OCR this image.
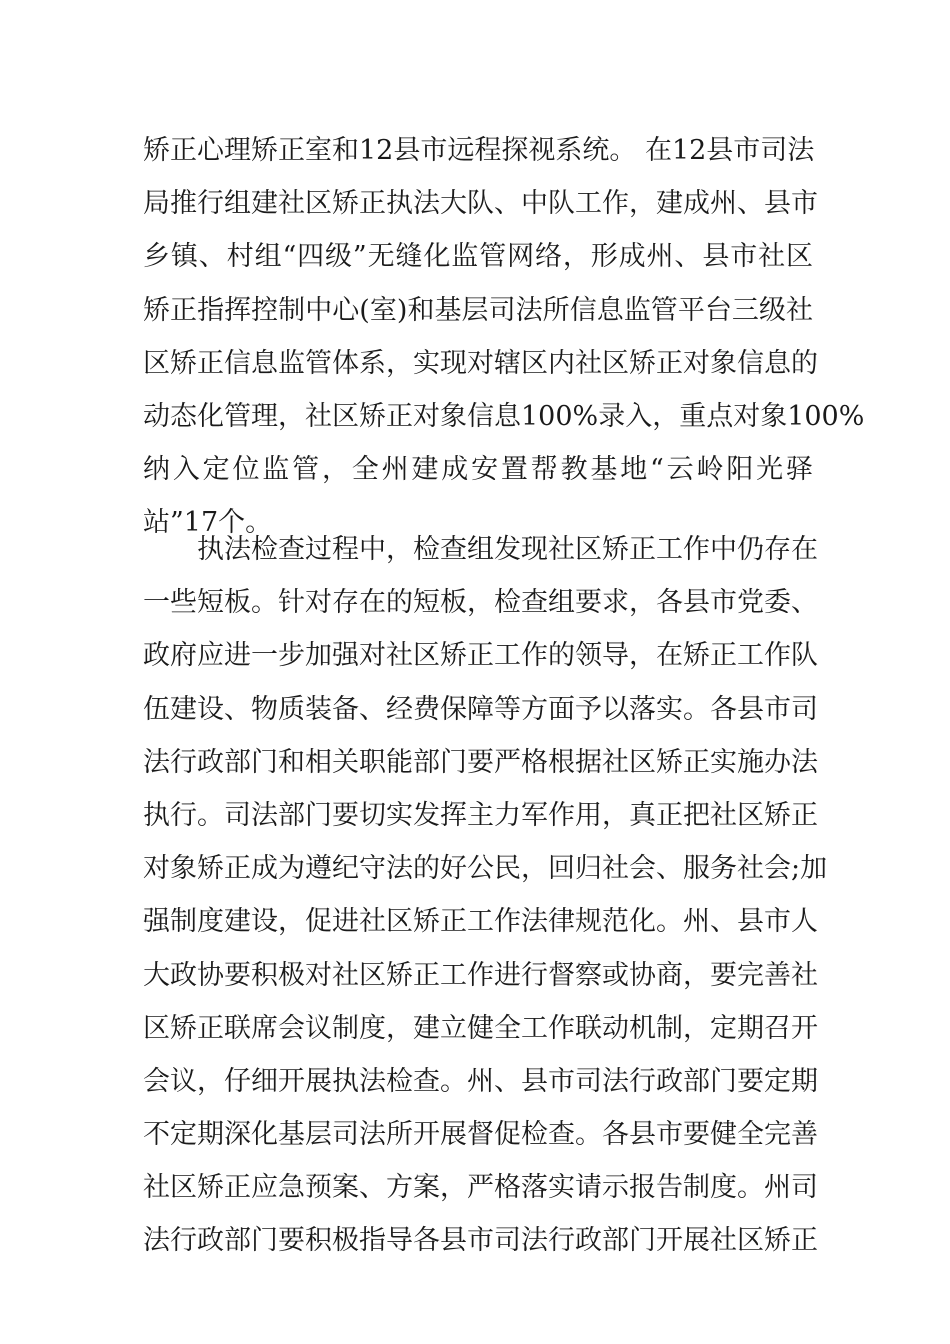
矫正心理矫正室和12县市远程探视系统。 在12县市司法
局推行组建社区矫正执法大队、中队工作，建成州、县市
乡镇、村组“四级”无缝化监管网络，形成州、县市社区
矫正指挥控制中心(室)和基层司法所信息监管平台三级社
区矫正信息监管体系，实现对辖区内社区矫正对象信息的
动态化管理，社区矫正对象信息100%录入，重点对象100%
纳入定位监管，全州建成安置帮教基地“云岭阳光驿
站”17个。
执法检查过程中，检查组发现社区矫正工作中仍存在
一些短板。针对存在的短板，检查组要求，各县市党委、
政府应进一步加强对社区矫正工作的领导，在矫正工作队
伍建设、物质装备、经费保障等方面予以落实。各县市司
法行政部门和相关职能部门要严格根据社区矫正实施办法
执行。司法部门要切实发挥主力军作用，真正把社区矫正
对象矫正成为遵纪守法的好公民，回归社会、服务社会;加
强制度建设，促进社区矫正工作法律规范化。州、县市人
大政协要积极对社区矫正工作进行督察或协商，要完善社
区矫正联席会议制度，建立健全工作联动机制，定期召开
会议，仔细开展执法检查。州、县市司法行政部门要定期
不定期深化基层司法所开展督促检查。各县市要健全完善
社区矫正应急预案、方案，严格落实请示报告制度。州司
法行政部门要积极指导各县市司法行政部门开展社区矫正
